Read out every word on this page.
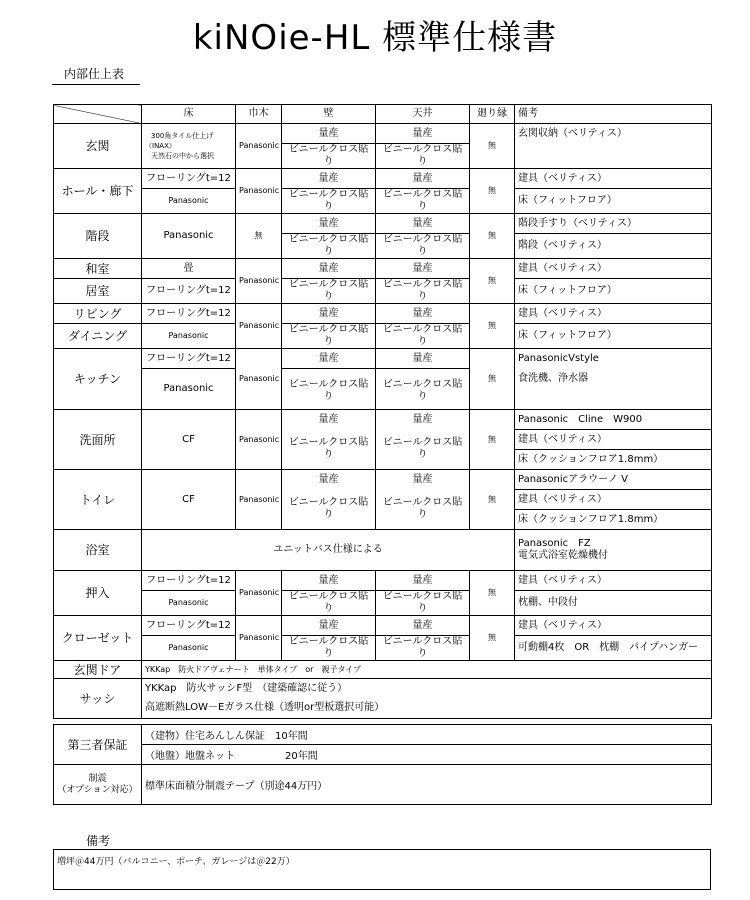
kiNOie-HL 標準仕様書
内部仕上表
	床	巾木	壁	天井	廻り縁	備考
玄関	300角タイル仕上げ
（INAX）
天然石の中から選択	Panasonic	量産	量産	無	玄関収納（ベリティス）
			ビニールクロス貼り	ビニールクロス貼り		
ホール・廊下	フローリングt=12	Panasonic	量産	量産	無	建具（ベリティス）
	Panasonic		ビニールクロス貼り	ビニールクロス貼り		床（フィットフロア）
階段	Panasonic	無	量産	量産	無	階段手すり（ベリティス）
			ビニールクロス貼り	ビニールクロス貼り		階段（ベリティス）
和室	畳	Panasonic	量産	量産	無	建具（ベリティス）
居室	フローリングt=12		ビニールクロス貼り	ビニールクロス貼り		床（フィットフロア）
リビング	フローリングt=12	Panasonic	量産	量産	無	建具（ベリティス）
ダイニング	Panasonic		ビニールクロス貼り	ビニールクロス貼り		床（フィットフロア）
キッチン	フローリングt=12	Panasonic	量産	量産	無	PanasonicVstyle
	Panasonic		ビニールクロス貼り	ビニールクロス貼り		食洗機、浄水器
洗面所	CF	Panasonic	量産	量産	無	Panasonic　Cline　W900
			ビニールクロス貼り	ビニールクロス貼り		建具（ベリティス）
						床（クッションフロア1.8mm）
トイレ	CF	Panasonic	量産	量産	無	Panasonicアラウーノ V
			ビニールクロス貼り	ビニールクロス貼り		建具（ベリティス）
						床（クッションフロア1.8mm）
浴室	ユニットバス仕様による					Panasonic　FZ
電気式浴室乾燥機付

押入	フローリングt=12	Panasonic	量産	量産	無	建具（ベリティス）
	Panasonic		ビニールクロス貼り	ビニールクロス貼り		枕棚、中段付
クローゼット	フローリングt=12	Panasonic	量産	量産	無	建具（ベリティス）
	Panasonic		ビニールクロス貼り	ビニールクロス貼り		可動棚4枚　OR　枕棚　パイプハンガー
玄関ドア	YKKap　防火ドアヴェナート　単体タイプ　or　親子タイプ					
サッシ	YKKap　防火サッシF型　（建築確認に従う）					
	高遮断熱LOW－Eガラス仕様（透明or型板選択可能）					
第三者保証	（建物）住宅あんしん保証　10年間
	（地盤）地盤ネット　　　　　20年間

制震
（オプション対応）	標準床面積分制震テープ（別途44万円）
備考
増坪＠44万円（バルコニー、ポーチ、ガレージは＠22万）
